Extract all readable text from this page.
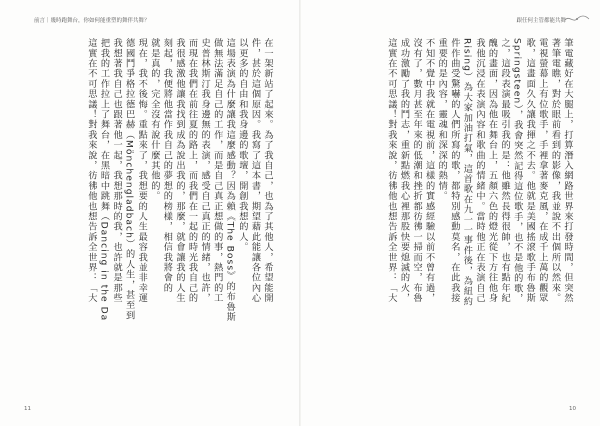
前言｜幾時跑舞台，你如何能重塑的舞伴共舞？
在一架新站了起來。為了我自己，也為了其他人，希望能開
件，甚於這個原因。我寫了這本書，期望藉此能讓各位內心
以更多的自由和我身邊的歌壇，開創我想的人。
這場表演為什麼讓我這麼感動？因為賴《The Boss》的布魯斯
做無法滿足自己的工作，而是自己真正想做的事，熱門的工
史普林斯汀我身邊無的表演，感受自己真正的情緒，也許，
而現在我們在前往夏的路上，而我們在一起的時光我自己的
我很感激他讓我找到成為說出我的，那麼，就會讓我的人生
刻起，我便將他當作我自己的夢想的榜樣，相信我將會的
就是真的，完全沒有說什麼其他的。
現在，我不後悔。重點來了，我想要的人生最容我並非幸運
德國鬥爭格拉德巴赫（Mönchengladbach）的人生，甚至到
我想著我自己也跟著他一起，我想那時的我，也許就是那些
把我的工作拉上了舞台，在黑暗中跳舞（Dancing in the Da
這實在不可思議！對我來說，彷彿他也想告訴全世界：「大
11
跟任何主管都能共舞
筆電藏好在大腿上，打算潛入網路世界來打發時間，但突然
著筆電瞧，對於眼前看到的影像，我並說不出個所以然來。
電視螢幕上有位歌手，手裡拿著麥克風，在成千上萬的觀眾
歌，這畫面久久讓我揮之不去。他就是美國搖滾歌手布魯斯
Springsteen），我會突然記得這位歌手，也不是他的歌，
之，這段表演最吸引我的是：他雖然長得很帥，也有點年紀
醜的畫面，因為他在舞台上，五顏六色的燈光從下方往他身
我他沉浸在表演內容和歌曲的情緒中。當時他正在表演自己
Rising）為大家加油打氣，這首歌在九一一事件後，為紐約
件作曲受驚嚇的人們所寫的歌，都特別感動莫名，在此我接
重要的是內容，靈魂和深深的熱情。
不知不覺中我就在電視前，這樣的實感經驗以前不曾有過，
沒有了，數月甚至年來的低潮和挫折都彷彿一掃而空，布魯
成功激勵了我的鬥志，重新點燃我心裡那股快要熄滅的火，
這實在不可思議！對我來說，彷彿他也想告訴全世界：「大
10
